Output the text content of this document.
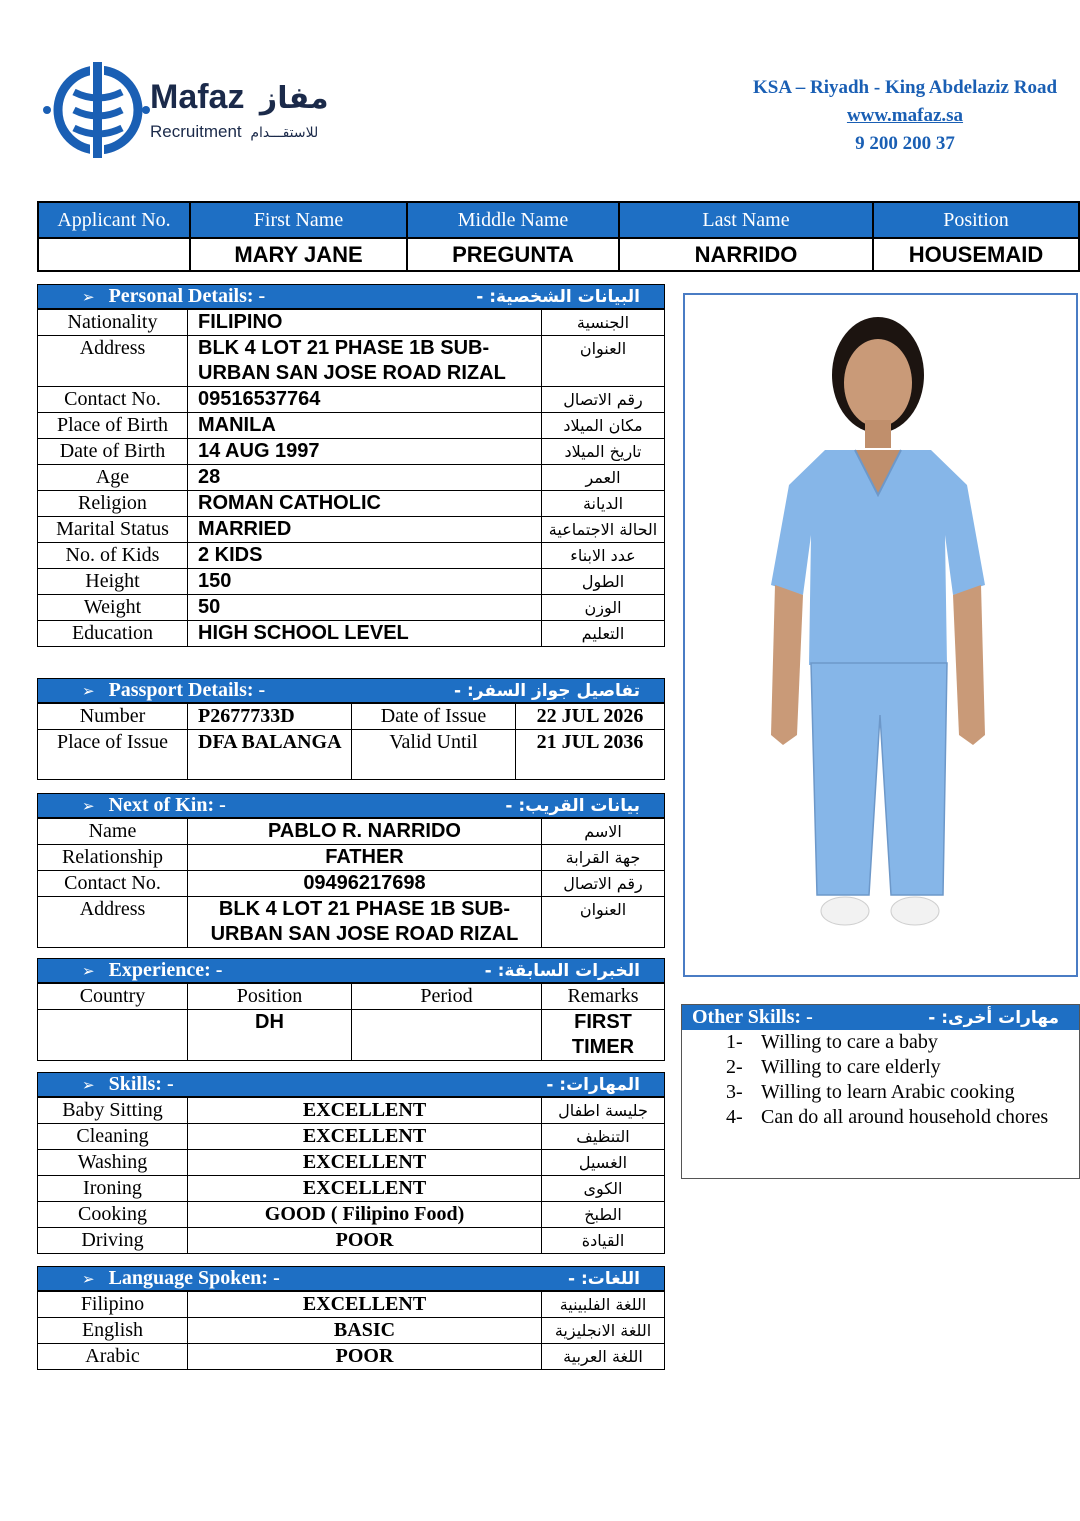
Mafaz مفاز
Recruitment للاستقـــدام
KSA – Riyadh - King Abdelaziz Road
www.mafaz.sa
9 200 200 37
Applicant No.	First Name	Middle Name	Last Name	Position
	MARY JANE	PREGUNTA	NARRIDO	HOUSEMAID
➢ Personal Details: -	البيانات الشخصية: -
Nationality	FILIPINO	الجنسية
Address	BLK 4 LOT 21 PHASE 1B SUB-URBAN SAN JOSE ROAD RIZAL	العنوان
Contact No.	09516537764	رقم الاتصال
Place of Birth	MANILA	مكان الميلاد
Date of Birth	14 AUG 1997	تاريخ الميلاد
Age	28	العمر
Religion	ROMAN CATHOLIC	الديانة
Marital Status	MARRIED	الحالة الاجتماعية
No. of Kids	2 KIDS	عدد الابناء
Height	150	الطول
Weight	50	الوزن
Education	HIGH SCHOOL LEVEL	التعليم
➢ Passport Details: -	تفاصيل جواز السفر: -
Number	P2677733D	Date of Issue	22 JUL 2026
Place of Issue	DFA BALANGA	Valid Until	21 JUL 2036
➢ Next of Kin: -	بيانات القريب: -
Name	PABLO R. NARRIDO	الاسم
Relationship	FATHER	جهة القرابة
Contact No.	09496217698	رقم الاتصال
Address	BLK 4 LOT 21 PHASE 1B SUB-URBAN SAN JOSE ROAD RIZAL	العنوان
➢ Experience: -	الخبرات السابقة: -
Country	Position	Period	Remarks
	DH		FIRST TIMER
➢ Skills: -	المهارات: -
Baby Sitting	EXCELLENT	جليسة اطفال
Cleaning	EXCELLENT	التنظيف
Washing	EXCELLENT	الغسيل
Ironing	EXCELLENT	الكوى
Cooking	GOOD ( Filipino Food)	الطبخ
Driving	POOR	القيادة
➢ Language Spoken: -	اللغات: -
Filipino	EXCELLENT	اللغة الفلبينية
English	BASIC	اللغة الانجليزية
Arabic	POOR	اللغة العربية
Other Skills: -	مهارات أخرى: -
1- Willing to care a baby
2- Willing to care elderly
3- Willing to learn Arabic cooking
4- Can do all around household chores
